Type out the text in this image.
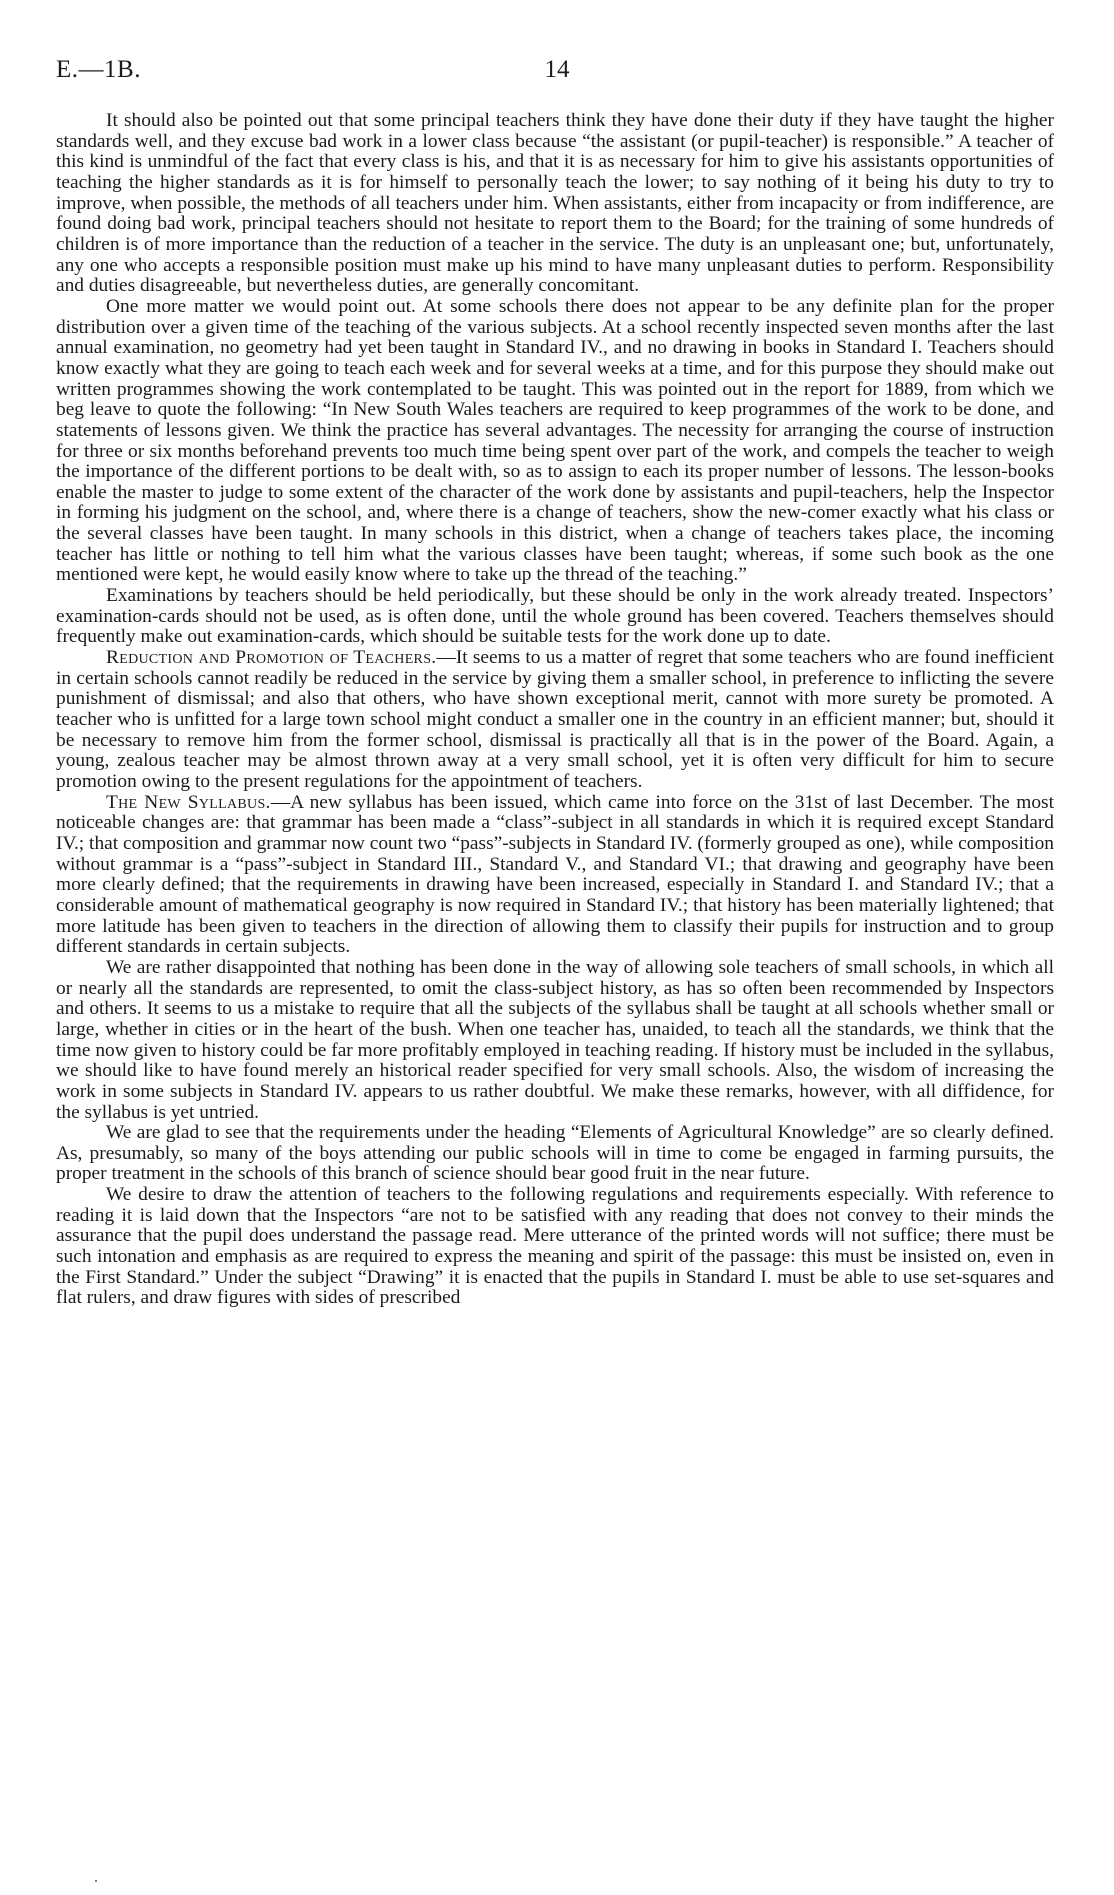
E.—1B.	14

It should also be pointed out that some principal teachers think they have done their duty if they have taught the higher standards well, and they excuse bad work in a lower class because “the assistant (or pupil-teacher) is responsible.” A teacher of this kind is unmindful of the fact that every class is his, and that it is as necessary for him to give his assistants opportunities of teaching the higher standards as it is for himself to personally teach the lower; to say nothing of it being his duty to try to improve, when possible, the methods of all teachers under him. When assistants, either from incapacity or from indifference, are found doing bad work, principal teachers should not hesitate to report them to the Board; for the training of some hundreds of children is of more importance than the reduction of a teacher in the service. The duty is an unpleasant one; but, unfortunately, any one who accepts a responsible position must make up his mind to have many unpleasant duties to perform. Responsibility and duties disagreeable, but nevertheless duties, are generally concomitant.

One more matter we would point out. At some schools there does not appear to be any definite plan for the proper distribution over a given time of the teaching of the various subjects. At a school recently inspected seven months after the last annual examination, no geometry had yet been taught in Standard IV., and no drawing in books in Standard I. Teachers should know exactly what they are going to teach each week and for several weeks at a time, and for this purpose they should make out written programmes showing the work contemplated to be taught. This was pointed out in the report for 1889, from which we beg leave to quote the following: “In New South Wales teachers are required to keep programmes of the work to be done, and statements of lessons given. We think the practice has several advantages. The necessity for arranging the course of instruction for three or six months beforehand prevents too much time being spent over part of the work, and compels the teacher to weigh the importance of the different portions to be dealt with, so as to assign to each its proper number of lessons. The lesson-books enable the master to judge to some extent of the character of the work done by assistants and pupil-teachers, help the Inspector in forming his judgment on the school, and, where there is a change of teachers, show the new-comer exactly what his class or the several classes have been taught. In many schools in this district, when a change of teachers takes place, the incoming teacher has little or nothing to tell him what the various classes have been taught; whereas, if some such book as the one mentioned were kept, he would easily know where to take up the thread of the teaching.”

Examinations by teachers should be held periodically, but these should be only in the work already treated. Inspectors’ examination-cards should not be used, as is often done, until the whole ground has been covered. Teachers themselves should frequently make out examination-cards, which should be suitable tests for the work done up to date.

Reduction and Promotion of Teachers.—It seems to us a matter of regret that some teachers who are found inefficient in certain schools cannot readily be reduced in the service by giving them a smaller school, in preference to inflicting the severe punishment of dismissal; and also that others, who have shown exceptional merit, cannot with more surety be promoted. A teacher who is unfitted for a large town school might conduct a smaller one in the country in an efficient manner; but, should it be necessary to remove him from the former school, dismissal is practically all that is in the power of the Board. Again, a young, zealous teacher may be almost thrown away at a very small school, yet it is often very difficult for him to secure promotion owing to the present regulations for the appointment of teachers.

The New Syllabus.—A new syllabus has been issued, which came into force on the 31st of last December. The most noticeable changes are: that grammar has been made a “class”-subject in all standards in which it is required except Standard IV.; that composition and grammar now count two “pass”-subjects in Standard IV. (formerly grouped as one), while composition without grammar is a “pass”-subject in Standard III., Standard V., and Standard VI.; that drawing and geography have been more clearly defined; that the requirements in drawing have been increased, especially in Standard I. and Standard IV.; that a considerable amount of mathematical geography is now required in Standard IV.; that history has been materially lightened; that more latitude has been given to teachers in the direction of allowing them to classify their pupils for instruction and to group different standards in certain subjects.

We are rather disappointed that nothing has been done in the way of allowing sole teachers of small schools, in which all or nearly all the standards are represented, to omit the class-subject history, as has so often been recommended by Inspectors and others. It seems to us a mistake to require that all the subjects of the syllabus shall be taught at all schools whether small or large, whether in cities or in the heart of the bush. When one teacher has, unaided, to teach all the standards, we think that the time now given to history could be far more profitably employed in teaching reading. If history must be included in the syllabus, we should like to have found merely an historical reader specified for very small schools. Also, the wisdom of increasing the work in some subjects in Standard IV. appears to us rather doubtful. We make these remarks, however, with all diffidence, for the syllabus is yet untried.

We are glad to see that the requirements under the heading “Elements of Agricultural Knowledge” are so clearly defined. As, presumably, so many of the boys attending our public schools will in time to come be engaged in farming pursuits, the proper treatment in the schools of this branch of science should bear good fruit in the near future.

We desire to draw the attention of teachers to the following regulations and requirements especially. With reference to reading it is laid down that the Inspectors “are not to be satisfied with any reading that does not convey to their minds the assurance that the pupil does understand the passage read. Mere utterance of the printed words will not suffice; there must be such intonation and emphasis as are required to express the meaning and spirit of the passage: this must be insisted on, even in the First Standard.” Under the subject “Drawing” it is enacted that the pupils in Standard I. must be able to use set-squares and flat rulers, and draw figures with sides of prescribed
